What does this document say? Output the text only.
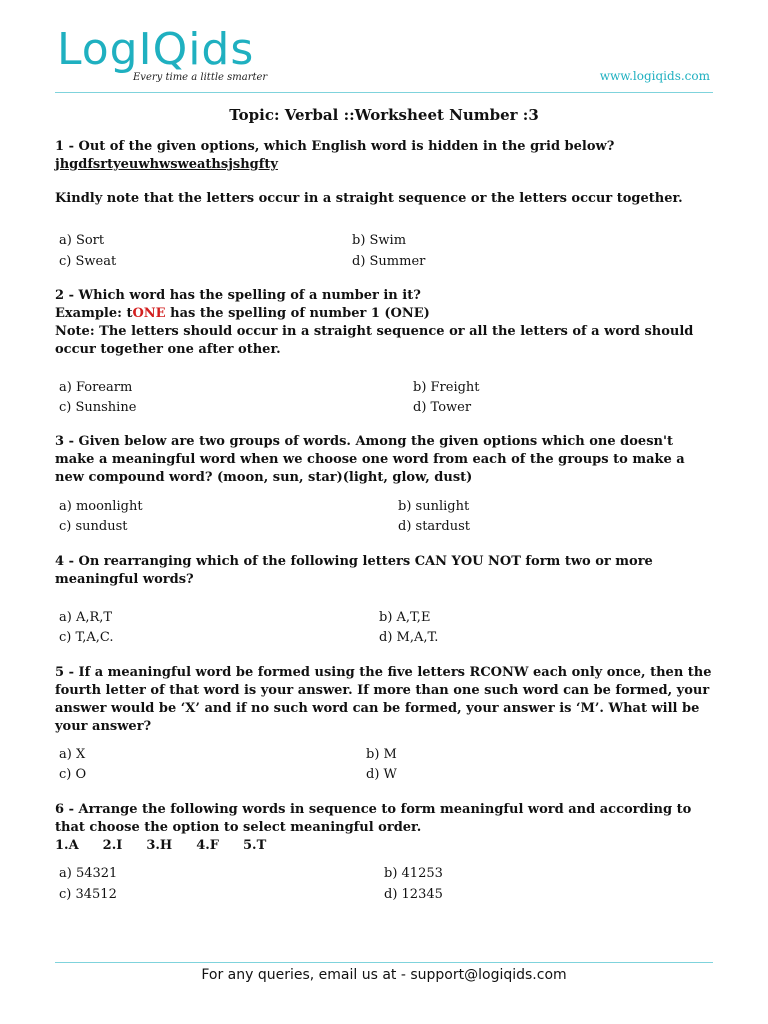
LogIQids
Every time a little smarter	www.logiqids.com
Topic: Verbal ::Worksheet Number :3

1 - Out of the given options, which English word is hidden in the grid below?

jhgdfsrtyeuwhwsweathsjshgfty

Kindly note that the letters occur in a straight sequence or the letters occur together.

a) Sort	b) Swim
c) Sweat	d) Summer

2 - Which word has the spelling of a number in it?

Example: tONE has the spelling of number 1 (ONE)

Note: The letters should occur in a straight sequence or all the letters of a word should occur together one after other.

a) Forearm	b) Freight
c) Sunshine	d) Tower

3 - Given below are two groups of words. Among the given options which one doesn't make a meaningful word when we choose one word from each of the groups to make a new compound word? (moon, sun, star)(light, glow, dust)

a) moonlight	b) sunlight
c) sundust	d) stardust

4 - On rearranging which of the following letters CAN YOU NOT form two or more meaningful words?

a) A,R,T	b) A,T,E
c) T,A,C.	d) M,A,T.

5 - If a meaningful word be formed using the five letters RCONW each only once, then the fourth letter of that word is your answer. If more than one such word can be formed, your answer would be ‘X’ and if no such word can be formed, your answer is ‘M’. What will be your answer?

a) X	b) M
c) O	d) W

6 - Arrange the following words in sequence to form meaningful word and according to that choose the option to select meaningful order.

1.A 2.I 3.H 4.F 5.T

a) 54321	b) 41253
c) 34512	d) 12345
For any queries, email us at - support@logiqids.com
